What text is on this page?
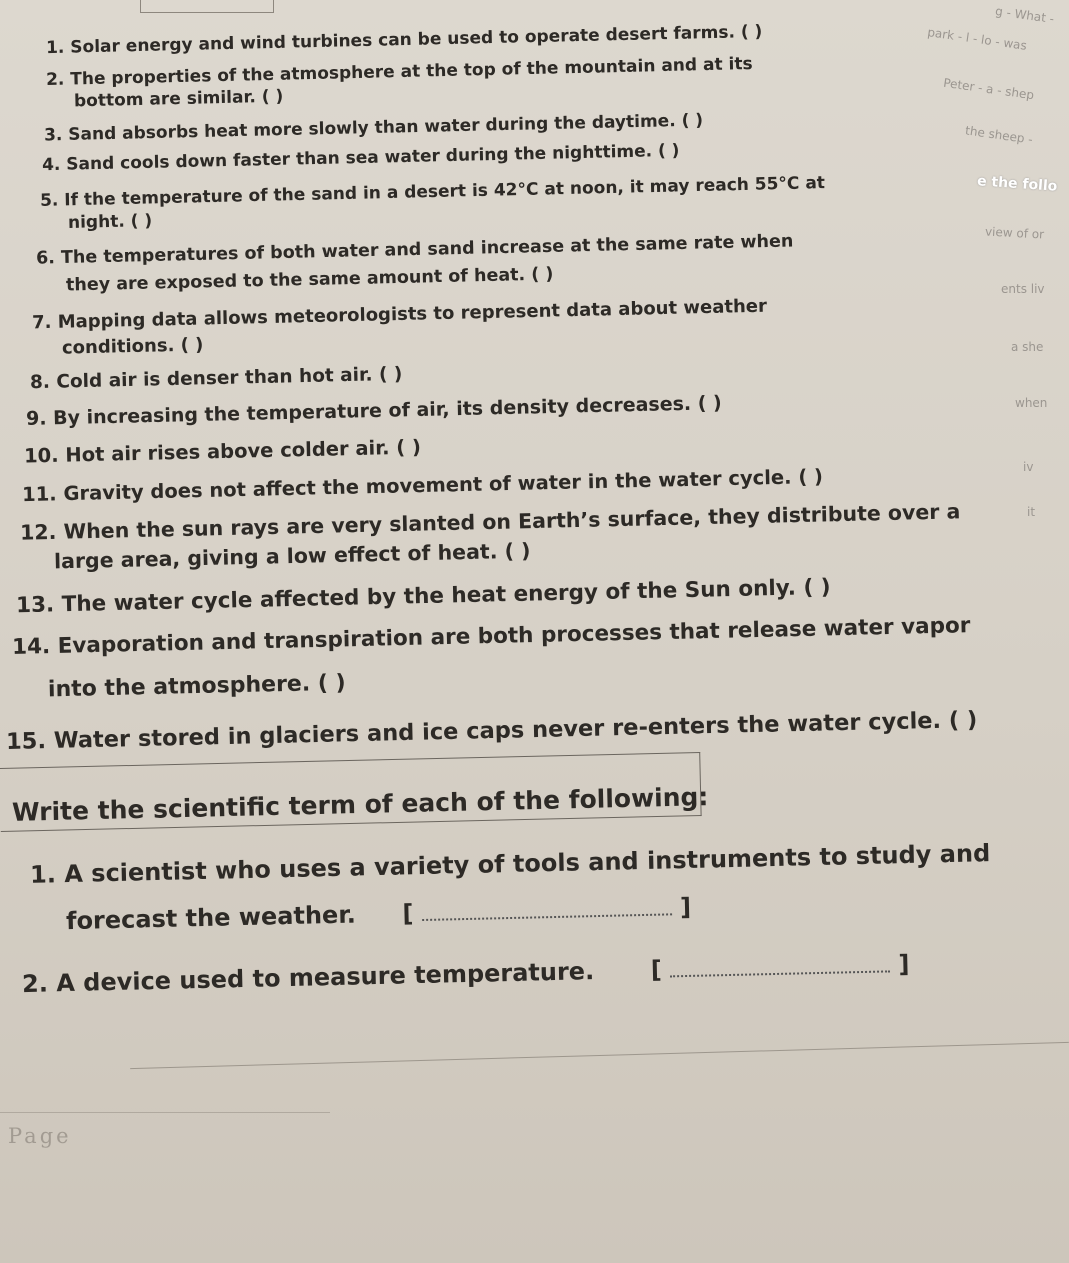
g - What -
park - l - lo - was
Peter - a - shep
the sheep -
e the follo
view of or
ents liv
a she
when
iv
it
1. Solar energy and wind turbines can be used to operate desert farms. ( )
2. The properties of the atmosphere at the top of the mountain and at its
bottom are similar. ( )
3. Sand absorbs heat more slowly than water during the daytime. ( )
4. Sand cools down faster than sea water during the nighttime. ( )
5. If the temperature of the sand in a desert is 42°C at noon, it may reach 55°C at
night. ( )
6. The temperatures of both water and sand increase at the same rate when
they are exposed to the same amount of heat. ( )
7. Mapping data allows meteorologists to represent data about weather
conditions. ( )
8. Cold air is denser than hot air. ( )
9. By increasing the temperature of air, its density decreases. ( )
10. Hot air rises above colder air. ( )
11. Gravity does not affect the movement of water in the water cycle. ( )
12. When the sun rays are very slanted on Earth’s surface, they distribute over a
large area, giving a low effect of heat. ( )
13. The water cycle affected by the heat energy of the Sun only. ( )
14. Evaporation and transpiration are both processes that release water vapor
into the atmosphere. ( )
15. Water stored in glaciers and ice caps never re-enters the water cycle. ( )
Write the scientific term of each of the following:
1. A scientist who uses a variety of tools and instruments to study and
forecast the weather. [	]
2. A device used to measure temperature. [	]
Page
